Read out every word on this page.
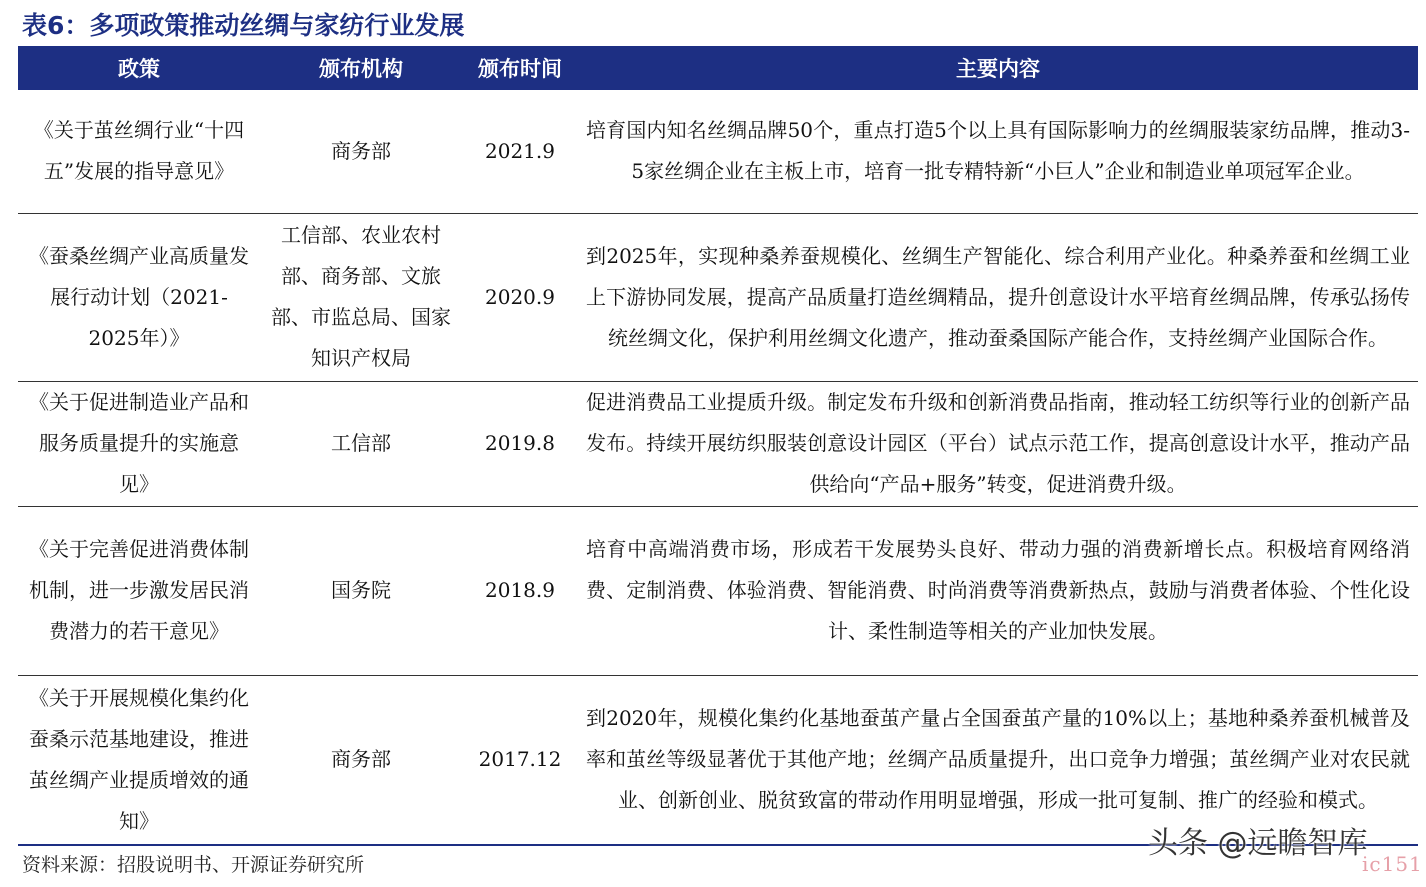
表6：多项政策推动丝绸与家纺行业发展
政策	颁布机构	颁布时间	主要内容
《关于茧丝绸行业“十四五”发展的指导意见》	商务部	2021.9	培育国内知名丝绸品牌50个，重点打造5个以上具有国际影响力的丝绸服装家纺品牌，推动3-5家丝绸企业在主板上市，培育一批专精特新“小巨人”企业和制造业单项冠军企业。
《蚕桑丝绸产业高质量发展行动计划（2021-2025年）》	工信部、农业农村部、商务部、文旅部、市监总局、国家知识产权局	2020.9	到2025年，实现种桑养蚕规模化、丝绸生产智能化、综合利用产业化。种桑养蚕和丝绸工业上下游协同发展，提高产品质量打造丝绸精品，提升创意设计水平培育丝绸品牌，传承弘扬传统丝绸文化，保护利用丝绸文化遗产，推动蚕桑国际产能合作，支持丝绸产业国际合作。
《关于促进制造业产品和服务质量提升的实施意见》	工信部	2019.8	促进消费品工业提质升级。制定发布升级和创新消费品指南，推动轻工纺织等行业的创新产品发布。持续开展纺织服装创意设计园区（平台）试点示范工作，提高创意设计水平，推动产品供给向“产品+服务”转变，促进消费升级。
《关于完善促进消费体制机制，进一步激发居民消费潜力的若干意见》	国务院	2018.9	培育中高端消费市场，形成若干发展势头良好、带动力强的消费新增长点。积极培育网络消费、定制消费、体验消费、智能消费、时尚消费等消费新热点，鼓励与消费者体验、个性化设计、柔性制造等相关的产业加快发展。
《关于开展规模化集约化蚕桑示范基地建设，推进茧丝绸产业提质增效的通知》	商务部	2017.12	到2020年，规模化集约化基地蚕茧产量占全国蚕茧产量的10%以上；基地种桑养蚕机械普及率和茧丝等级显著优于其他产地；丝绸产品质量提升，出口竞争力增强；茧丝绸产业对农民就业、创新创业、脱贫致富的带动作用明显增强，形成一批可复制、推广的经验和模式。
资料来源：招股说明书、开源证券研究所
头条 @远瞻智库
ic151
